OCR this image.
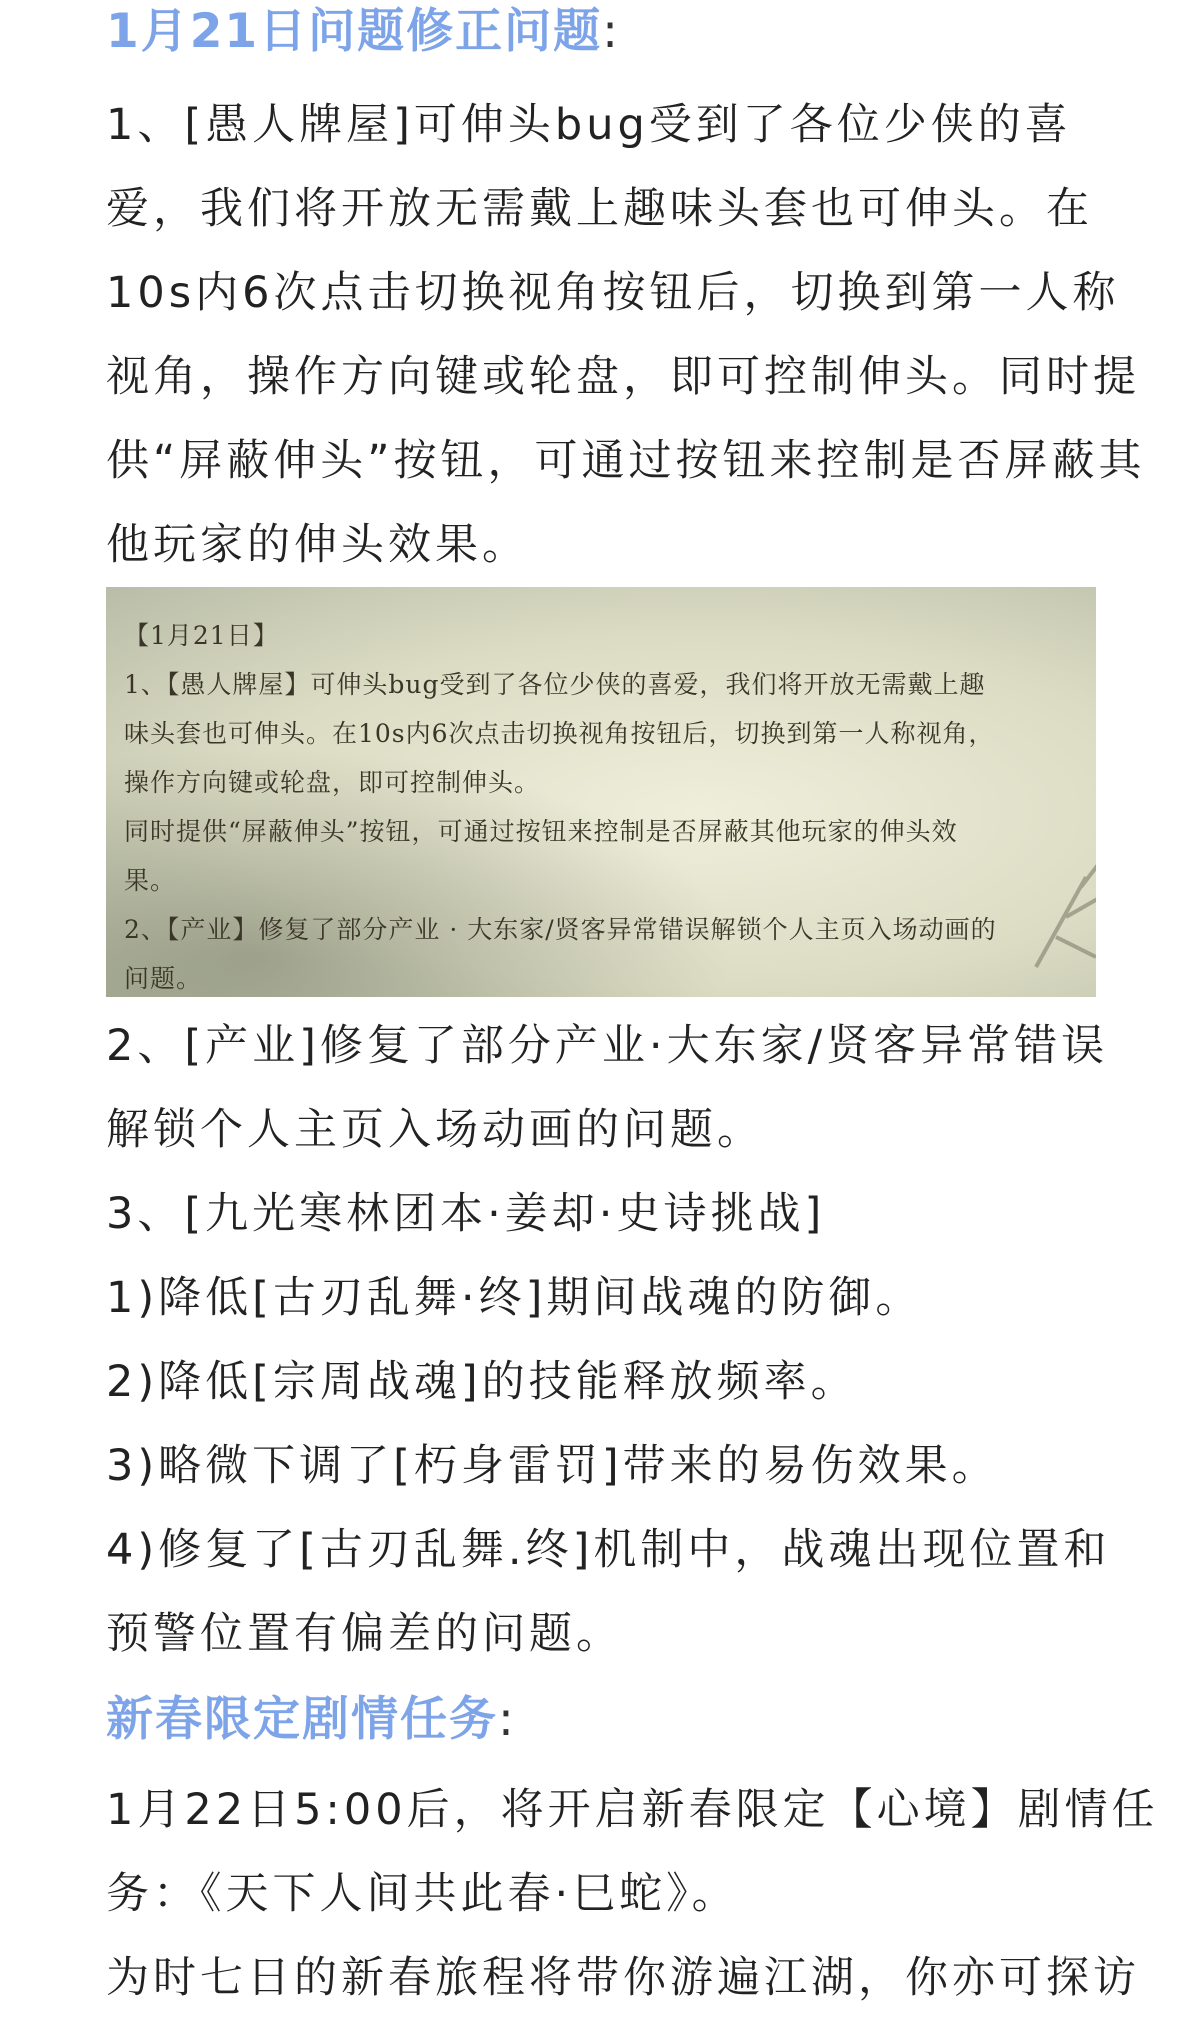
1月21日问题修正问题:
1、[愚人牌屋]可伸头bug受到了各位少侠的喜
爱，我们将开放无需戴上趣味头套也可伸头。在
10s内6次点击切换视角按钮后，切换到第一人称
视角，操作方向键或轮盘，即可控制伸头。同时提
供“屏蔽伸头”按钮，可通过按钮来控制是否屏蔽其
他玩家的伸头效果。
【1月21日】
1、【愚人牌屋】可伸头bug受到了各位少侠的喜爱，我们将开放无需戴上趣
味头套也可伸头。在10s内6次点击切换视角按钮后，切换到第一人称视角，
操作方向键或轮盘，即可控制伸头。
同时提供“屏蔽伸头”按钮，可通过按钮来控制是否屏蔽其他玩家的伸头效
果。
2、【产业】修复了部分产业 · 大东家/贤客异常错误解锁个人主页入场动画的
问题。
2、[产业]修复了部分产业·大东家/贤客异常错误
解锁个人主页入场动画的问题。
3、[九光寒林团本·姜却·史诗挑战]
1)降低[古刃乱舞·终]期间战魂的防御。
2)降低[宗周战魂]的技能释放频率。
3)略微下调了[朽身雷罚]带来的易伤效果。
4)修复了[古刃乱舞.终]机制中，战魂出现位置和
预警位置有偏差的问题。
新春限定剧情任务:
1月22日5:00后，将开启新春限定【心境】剧情任
务：《天下人间共此春·巳蛇》。
为时七日的新春旅程将带你游遍江湖，你亦可探访
